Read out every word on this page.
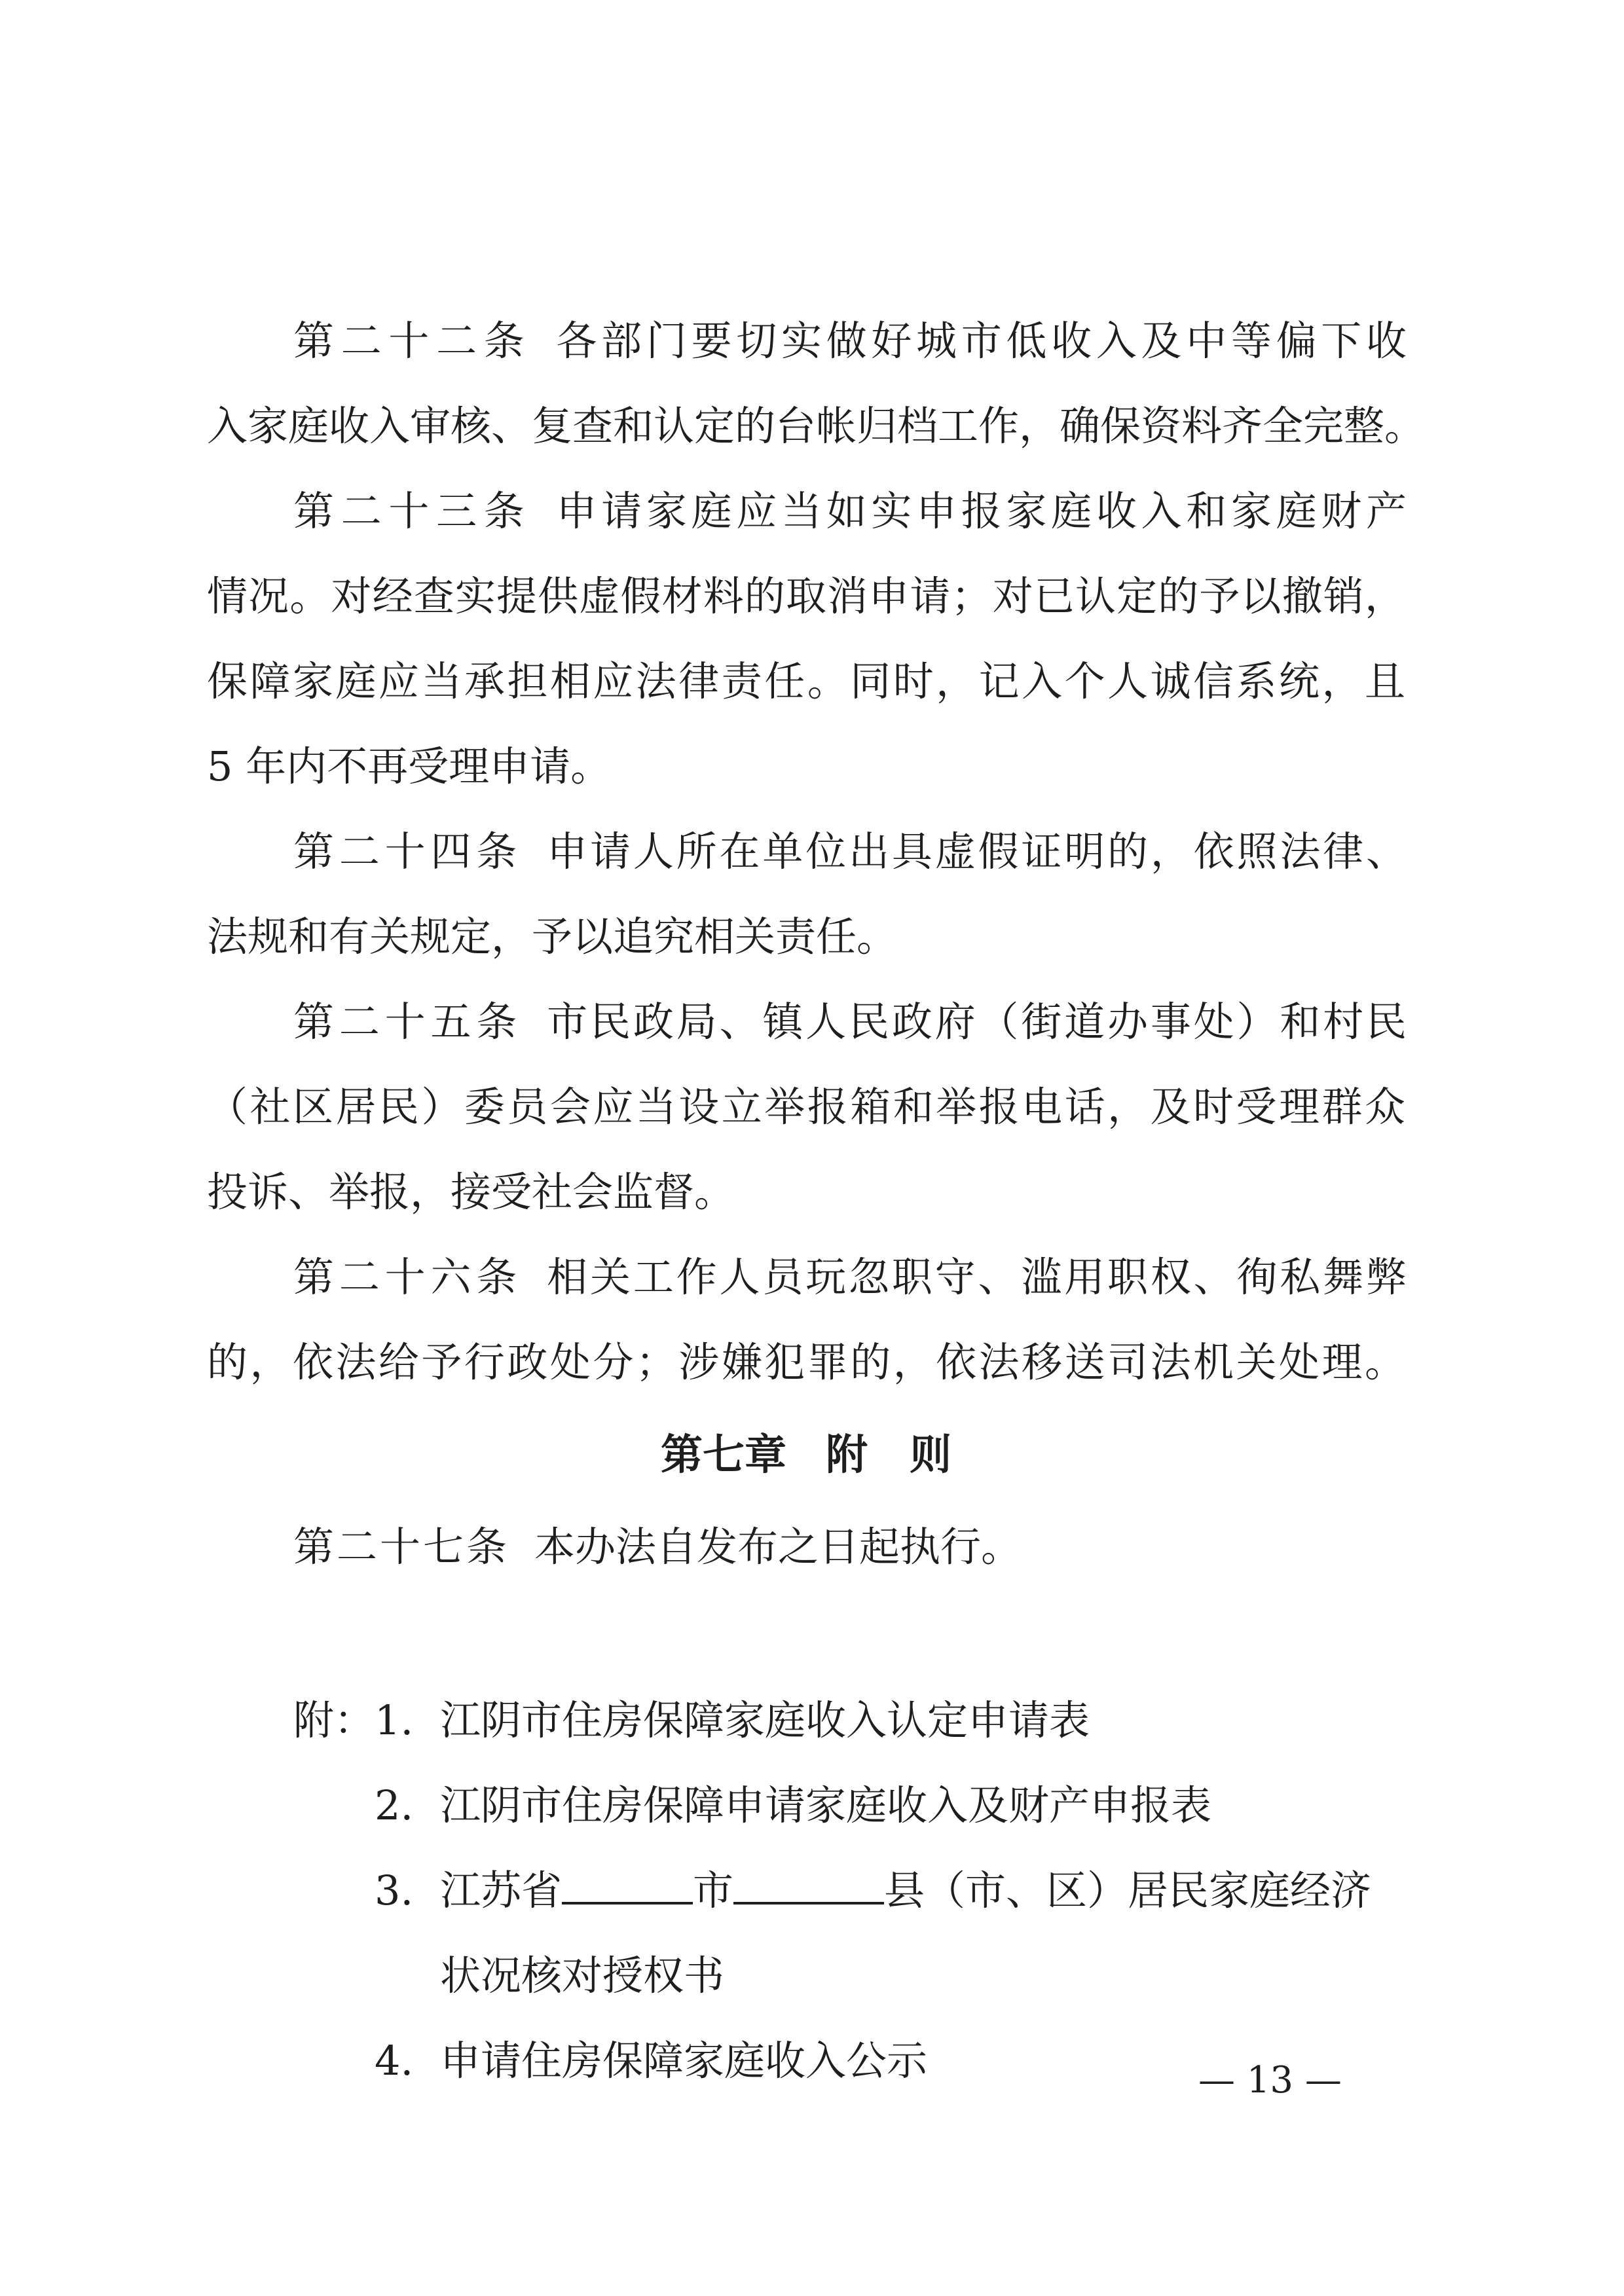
第二十二条 各部门要切实做好城市低收入及中等偏下收
入家庭收入审核、复查和认定的台帐归档工作，确保资料齐全完整。
第二十三条 申请家庭应当如实申报家庭收入和家庭财产
情况。对经查实提供虚假材料的取消申请；对已认定的予以撤销，
保障家庭应当承担相应法律责任。同时，记入个人诚信系统，且
5 年内不再受理申请。
第二十四条 申请人所在单位出具虚假证明的，依照法律、
法规和有关规定，予以追究相关责任。
第二十五条 市民政局、镇人民政府（街道办事处）和村民
（社区居民）委员会应当设立举报箱和举报电话，及时受理群众
投诉、举报，接受社会监督。
第二十六条 相关工作人员玩忽职守、滥用职权、徇私舞弊
的，依法给予行政处分；涉嫌犯罪的，依法移送司法机关处理。
第七章 附　则
第二十七条 本办法自发布之日起执行。
附：1. 江阴市住房保障家庭收入认定申请表
2. 江阴市住房保障申请家庭收入及财产申报表
3. 江苏省	市	县（市、区）居民家庭经济
状况核对授权书
4. 申请住房保障家庭收入公示	— 13 —
